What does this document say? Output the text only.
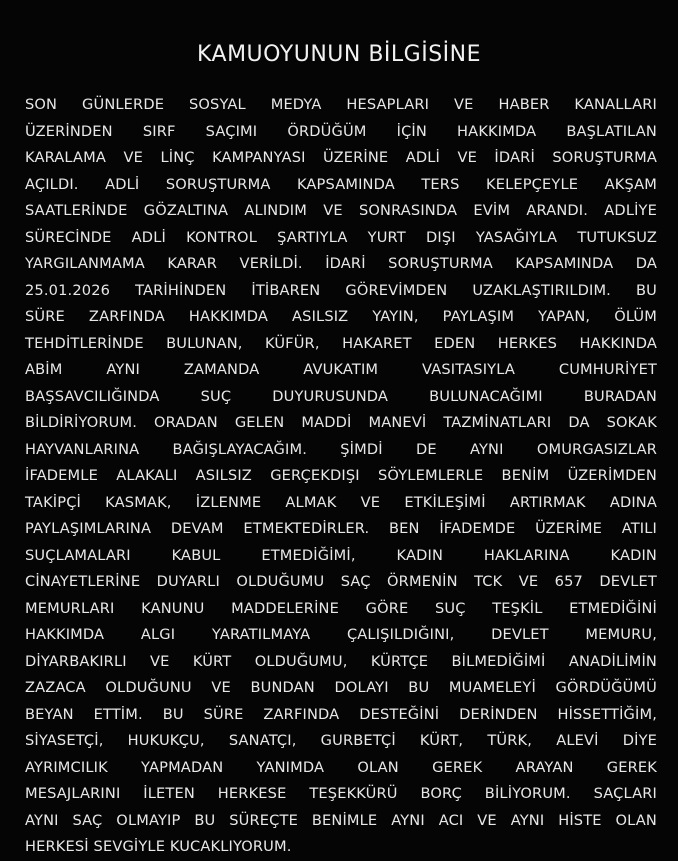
KAMUOYUNUN BİLGİSİNE
SON GÜNLERDE SOSYAL MEDYA HESAPLARI VE HABER KANALLARI
ÜZERİNDEN SIRF SAÇIMI ÖRDÜĞÜM İÇİN HAKKIMDA BAŞLATILAN
KARALAMA VE LİNÇ KAMPANYASI ÜZERİNE ADLİ VE İDARİ SORUŞTURMA
AÇILDI. ADLİ SORUŞTURMA KAPSAMINDA TERS KELEPÇEYLE AKŞAM
SAATLERİNDE GÖZALTINA ALINDIM VE SONRASINDA EVİM ARANDI. ADLİYE
SÜRECİNDE ADLİ KONTROL ŞARTIYLA YURT DIŞI YASAĞIYLA TUTUKSUZ
YARGILANMAMA KARAR VERİLDİ. İDARİ SORUŞTURMA KAPSAMINDA DA
25.01.2026 TARİHİNDEN İTİBAREN GÖREVİMDEN UZAKLAŞTIRILDIM. BU
SÜRE ZARFINDA HAKKIMDA ASILSIZ YAYIN, PAYLAŞIM YAPAN, ÖLÜM
TEHDİTLERİNDE BULUNAN, KÜFÜR, HAKARET EDEN HERKES HAKKINDA
ABİM AYNI ZAMANDA AVUKATIM VASITASIYLA CUMHURİYET
BAŞSAVCILIĞINDA SUÇ DUYURUSUNDA BULUNACAĞIMI BURADAN
BİLDİRİYORUM. ORADAN GELEN MADDİ MANEVİ TAZMİNATLARI DA SOKAK
HAYVANLARINA BAĞIŞLAYACAĞIM. ŞİMDİ DE AYNI OMURGASIZLAR
İFADEMLE ALAKALI ASILSIZ GERÇEKDIŞI SÖYLEMLERLE BENİM ÜZERİMDEN
TAKİPÇİ KASMAK, İZLENME ALMAK VE ETKİLEŞİMİ ARTIRMAK ADINA
PAYLAŞIMLARINA DEVAM ETMEKTEDİRLER. BEN İFADEMDE ÜZERİME ATILI
SUÇLAMALARI KABUL ETMEDİĞİMİ, KADIN HAKLARINA KADIN
CİNAYETLERİNE DUYARLI OLDUĞUMU SAÇ ÖRMENİN TCK VE 657 DEVLET
MEMURLARI KANUNU MADDELERİNE GÖRE SUÇ TEŞKİL ETMEDİĞİNİ
HAKKIMDA ALGI YARATILMAYA ÇALIŞILDIĞINI, DEVLET MEMURU,
DİYARBAKIRLI VE KÜRT OLDUĞUMU, KÜRTÇE BİLMEDİĞİMİ ANADİLİMİN
ZAZACA OLDUĞUNU VE BUNDAN DOLAYI BU MUAMELEYİ GÖRDÜĞÜMÜ
BEYAN ETTİM. BU SÜRE ZARFINDA DESTEĞİNİ DERİNDEN HİSSETTİĞİM,
SİYASETÇİ, HUKUKÇU, SANATÇI, GURBETÇİ KÜRT, TÜRK, ALEVİ DİYE
AYRIMCILIK YAPMADAN YANIMDA OLAN GEREK ARAYAN GEREK
MESAJLARINI İLETEN HERKESE TEŞEKKÜRÜ BORÇ BİLİYORUM. SAÇLARI
AYNI SAÇ OLMAYIP BU SÜREÇTE BENİMLE AYNI ACI VE AYNI HİSTE OLAN
HERKESİ SEVGİYLE KUCAKLIYORUM.
